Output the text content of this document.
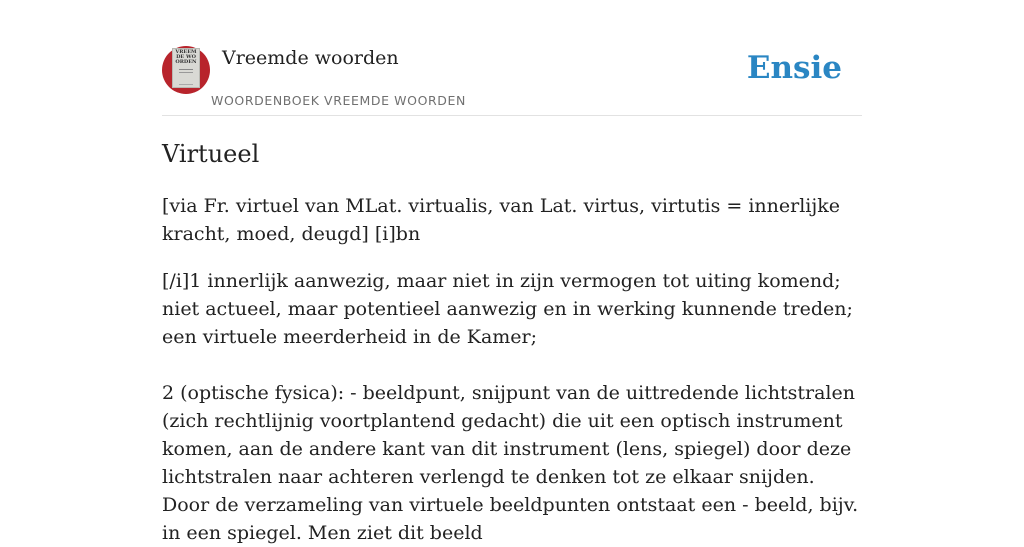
VREEMDE WOORDEN Vreemde woorden
WOORDENBOEK VREEMDE WOORDEN
Ensie
Virtueel

[via Fr. virtuel van MLat. virtualis, van Lat. virtus, virtutis = innerlijke kracht, moed, deugd] [i]bn

[/i]1 innerlijk aanwezig, maar niet in zijn vermogen tot uiting komend; niet actueel, maar potentieel aanwezig en in werking kunnende treden; een virtuele meerderheid in de Kamer;

2 (optische fysica): - beeldpunt, snijpunt van de uittredende lichtstralen (zich rechtlijnig voortplantend gedacht) die uit een optisch instrument komen, aan de andere kant van dit instrument (lens, spiegel) door deze lichtstralen naar achteren verlengd te denken tot ze elkaar snijden. Door de verzameling van virtuele beeldpunten ontstaat een - beeld, bijv. in een spiegel. Men ziet dit beeld
